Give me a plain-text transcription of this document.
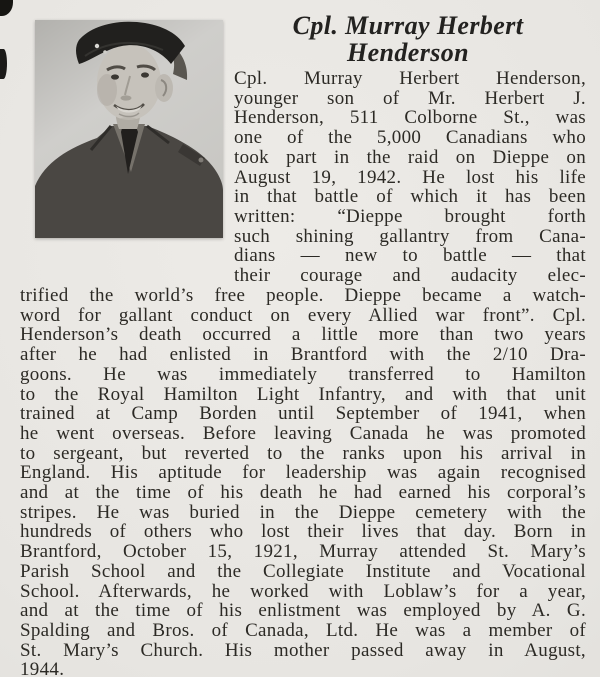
Cpl. Murray Herbert
Henderson
Cpl. Murray Herbert Henderson,
younger son of Mr. Herbert J.
Henderson, 511 Colborne St., was
one of the 5,000 Canadians who
took part in the raid on Dieppe on
August 19, 1942. He lost his life
in that battle of which it has been
written: “Dieppe brought forth
such shining gallantry from Cana-
dians — new to battle — that
their courage and audacity elec-
trified the world’s free people. Dieppe became a watch-
word for gallant conduct on every Allied war front”. Cpl.
Henderson’s death occurred a little more than two years
after he had enlisted in Brantford with the 2/10 Dra-
goons. He was immediately transferred to Hamilton
to the Royal Hamilton Light Infantry, and with that unit
trained at Camp Borden until September of 1941, when
he went overseas. Before leaving Canada he was promoted
to sergeant, but reverted to the ranks upon his arrival in
England. His aptitude for leadership was again recognised
and at the time of his death he had earned his corporal’s
stripes. He was buried in the Dieppe cemetery with the
hundreds of others who lost their lives that day. Born in
Brantford, October 15, 1921, Murray attended St. Mary’s
Parish School and the Collegiate Institute and Vocational
School. Afterwards, he worked with Loblaw’s for a year,
and at the time of his enlistment was employed by A. G.
Spalding and Bros. of Canada, Ltd. He was a member of
St. Mary’s Church. His mother passed away in August,
1944.
